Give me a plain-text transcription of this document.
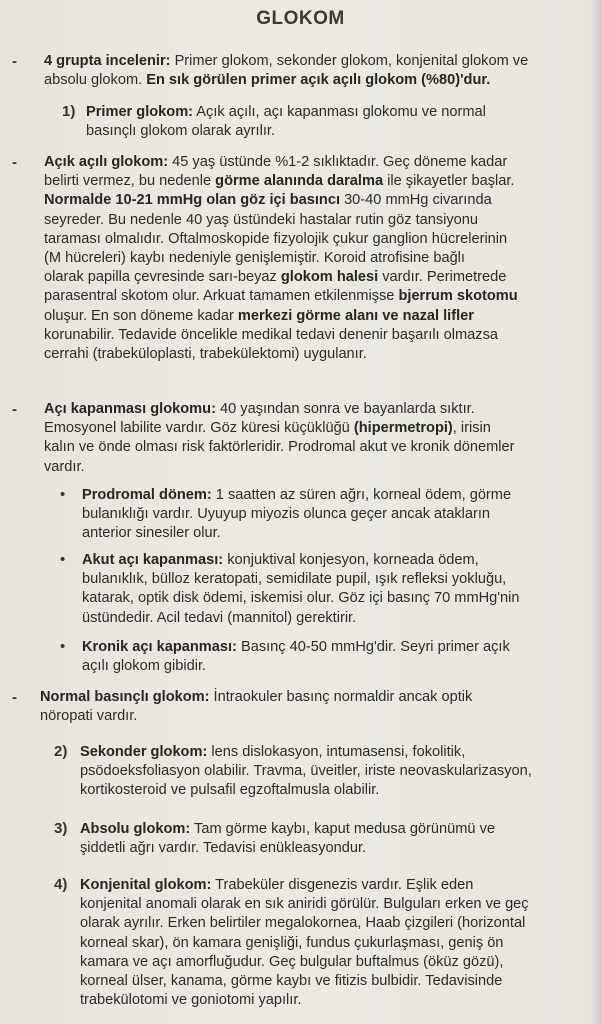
GLOKOM
- 4 grupta incelenir: Primer glokom, sekonder glokom, konjenital glokom ve
absolu glokom. En sık görülen primer açık açılı glokom (%80)'dur.
1) Primer glokom: Açık açılı, açı kapanması glokomu ve normal
basınçlı glokom olarak ayrılır.
- Açık açılı glokom: 45 yaş üstünde %1-2 sıklıktadır. Geç döneme kadar
belirti vermez, bu nedenle görme alanında daralma ile şikayetler başlar.
Normalde 10-21 mmHg olan göz içi basıncı 30-40 mmHg civarında
seyreder. Bu nedenle 40 yaş üstündeki hastalar rutin göz tansiyonu
taraması olmalıdır. Oftalmoskopide fizyolojik çukur ganglion hücrelerinin
(M hücreleri) kaybı nedeniyle genişlemiştir. Koroid atrofisine bağlı
olarak papilla çevresinde sarı-beyaz glokom halesi vardır. Perimetrede
parasentral skotom olur. Arkuat tamamen etkilenmişse bjerrum skotomu
oluşur. En son döneme kadar merkezi görme alanı ve nazal lifler
korunabilir. Tedavide öncelikle medikal tedavi denenir başarılı olmazsa
cerrahi (trabeküloplasti, trabekülektomi) uygulanır.
- Açı kapanması glokomu: 40 yaşından sonra ve bayanlarda sıktır.
Emosyonel labilite vardır. Göz küresi küçüklüğü (hipermetropi), irisin
kalın ve önde olması risk faktörleridir. Prodromal akut ve kronik dönemler
vardır.
• Prodromal dönem: 1 saatten az süren ağrı, korneal ödem, görme
bulanıklığı vardır. Uyuyup miyozis olunca geçer ancak atakların
anterior sinesiler olur.
• Akut açı kapanması: konjuktival konjesyon, korneada ödem,
bulanıklık, bülloz keratopati, semidilate pupil, ışık refleksi yokluğu,
katarak, optik disk ödemi, iskemisi olur. Göz içi basınç 70 mmHg'nin
üstündedir. Acil tedavi (mannitol) gerektirir.
• Kronik açı kapanması: Basınç 40-50 mmHg'dir. Seyri primer açık
açılı glokom gibidir.
- Normal basınçlı glokom: İntraokuler basınç normaldir ancak optik
nöropati vardır.
2) Sekonder glokom: lens dislokasyon, intumasensi, fokolitik,
psödoeksfoliasyon olabilir. Travma, üveitler, iriste neovaskularizasyon,
kortikosteroid ve pulsafil egzoftalmusla olabilir.
3) Absolu glokom: Tam görme kaybı, kaput medusa görünümü ve
şiddetli ağrı vardır. Tedavisi enükleasyondur.
4) Konjenital glokom: Trabeküler disgenezis vardır. Eşlik eden
konjenital anomali olarak en sık aniridi görülür. Bulguları erken ve geç
olarak ayrılır. Erken belirtiler megalokornea, Haab çizgileri (horizontal
korneal skar), ön kamara genişliği, fundus çukurlaşması, geniş ön
kamara ve açı amorfluğudur. Geç bulgular buftalmus (öküz gözü),
korneal ülser, kanama, görme kaybı ve fitizis bulbidir. Tedavisinde
trabekülotomi ve goniotomi yapılır.
